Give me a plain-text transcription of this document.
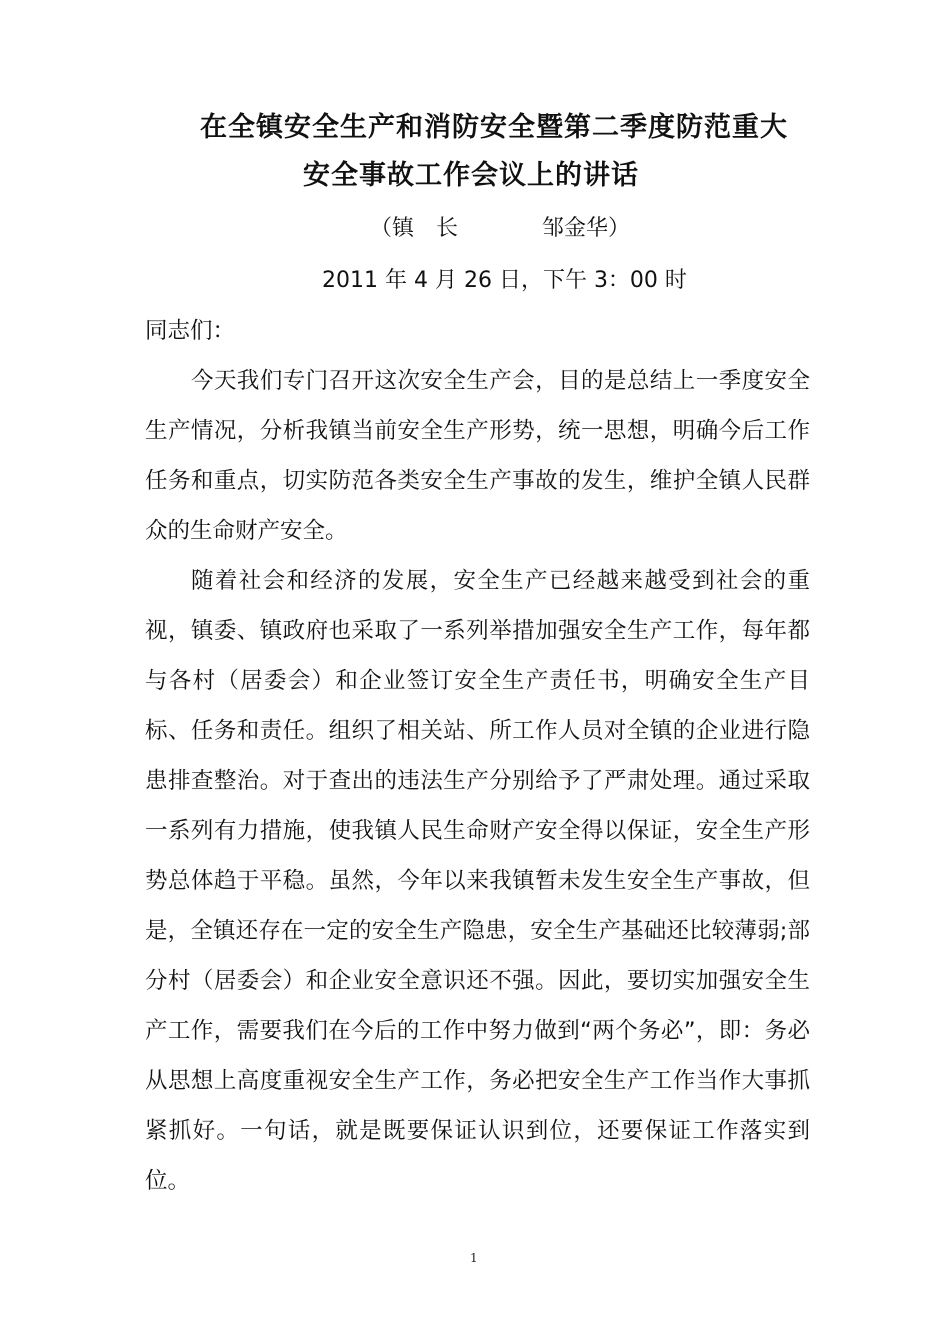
在全镇安全生产和消防安全暨第二季度防范重大
安全事故工作会议上的讲话
（镇　长	邹金华）
2011 年 4 月 26 日，下午 3：00 时
同志们：
今天我们专门召开这次安全生产会，目的是总结上一季度安全生产情况，分析我镇当前安全生产形势，统一思想，明确今后工作任务和重点，切实防范各类安全生产事故的发生，维护全镇人民群众的生命财产安全。
随着社会和经济的发展，安全生产已经越来越受到社会的重视，镇委、镇政府也采取了一系列举措加强安全生产工作，每年都与各村（居委会）和企业签订安全生产责任书，明确安全生产目标、任务和责任。组织了相关站、所工作人员对全镇的企业进行隐患排查整治。对于查出的违法生产分别给予了严肃处理。通过采取一系列有力措施，使我镇人民生命财产安全得以保证，安全生产形势总体趋于平稳。虽然，今年以来我镇暂未发生安全生产事故，但是，全镇还存在一定的安全生产隐患，安全生产基础还比较薄弱;部分村（居委会）和企业安全意识还不强。因此，要切实加强安全生产工作，需要我们在今后的工作中努力做到“两个务必”，即：务必从思想上高度重视安全生产工作，务必把安全生产工作当作大事抓紧抓好。一句话，就是既要保证认识到位，还要保证工作落实到位。
1
